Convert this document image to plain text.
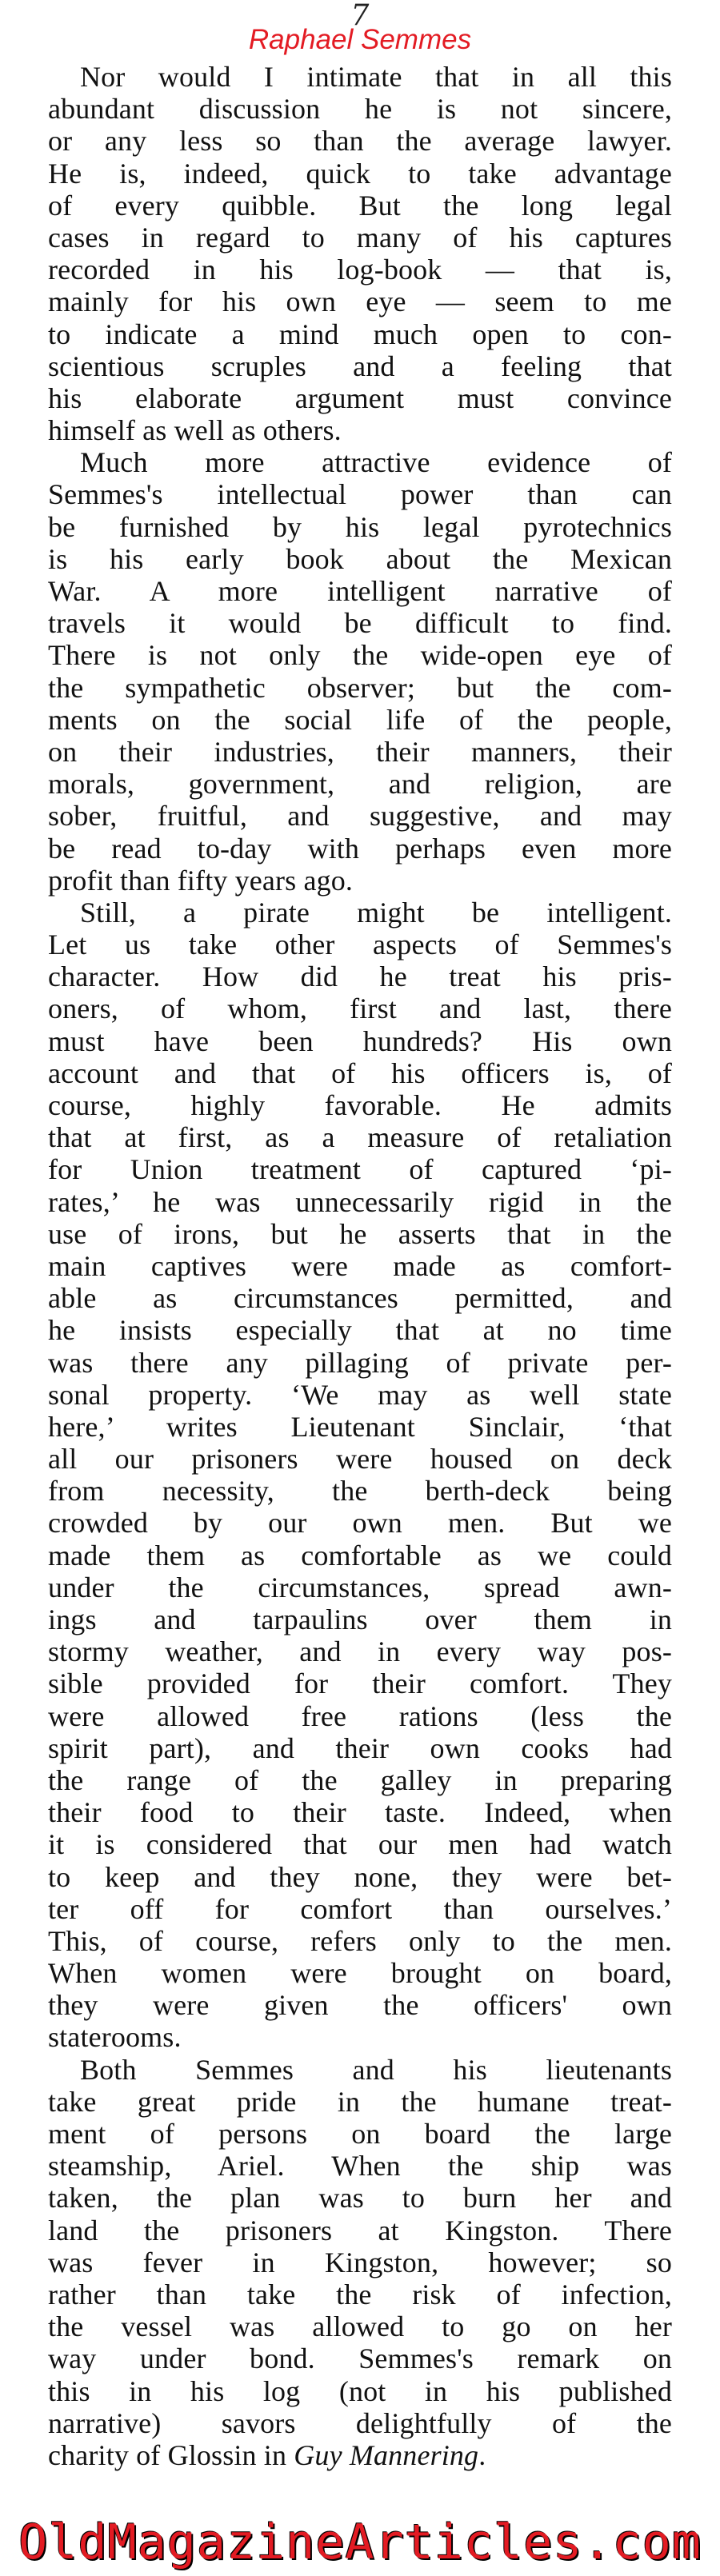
7
Raphael Semmes
Nor would I intimate that in all this
abundant discussion he is not sincere,
or any less so than the average lawyer.
He is, indeed, quick to take advantage
of every quibble. But the long legal
cases in regard to many of his captures
recorded in his log-book — that is,
mainly for his own eye — seem to me
to indicate a mind much open to con-
scientious scruples and a feeling that
his elaborate argument must convince
himself as well as others.
Much more attractive evidence of
Semmes's intellectual power than can
be furnished by his legal pyrotechnics
is his early book about the Mexican
War. A more intelligent narrative of
travels it would be difficult to find.
There is not only the wide-open eye of
the sympathetic observer; but the com-
ments on the social life of the people,
on their industries, their manners, their
morals, government, and religion, are
sober, fruitful, and suggestive, and may
be read to-day with perhaps even more
profit than fifty years ago.
Still, a pirate might be intelligent.
Let us take other aspects of Semmes's
character. How did he treat his pris-
oners, of whom, first and last, there
must have been hundreds? His own
account and that of his officers is, of
course, highly favorable. He admits
that at first, as a measure of retaliation
for Union treatment of captured ‘pi-
rates,’ he was unnecessarily rigid in the
use of irons, but he asserts that in the
main captives were made as comfort-
able as circumstances permitted, and
he insists especially that at no time
was there any pillaging of private per-
sonal property. ‘We may as well state
here,’ writes Lieutenant Sinclair, ‘that
all our prisoners were housed on deck
from necessity, the berth-deck being
crowded by our own men. But we
made them as comfortable as we could
under the circumstances, spread awn-
ings and tarpaulins over them in
stormy weather, and in every way pos-
sible provided for their comfort. They
were allowed free rations (less the
spirit part), and their own cooks had
the range of the galley in preparing
their food to their taste. Indeed, when
it is considered that our men had watch
to keep and they none, they were bet-
ter off for comfort than ourselves.’
This, of course, refers only to the men.
When women were brought on board,
they were given the officers' own
staterooms.
Both Semmes and his lieutenants
take great pride in the humane treat-
ment of persons on board the large
steamship, Ariel. When the ship was
taken, the plan was to burn her and
land the prisoners at Kingston. There
was fever in Kingston, however; so
rather than take the risk of infection,
the vessel was allowed to go on her
way under bond. Semmes's remark on
this in his log (not in his published
narrative) savors delightfully of the
charity of Glossin in Guy Mannering.
OldMagazineArticles.com
